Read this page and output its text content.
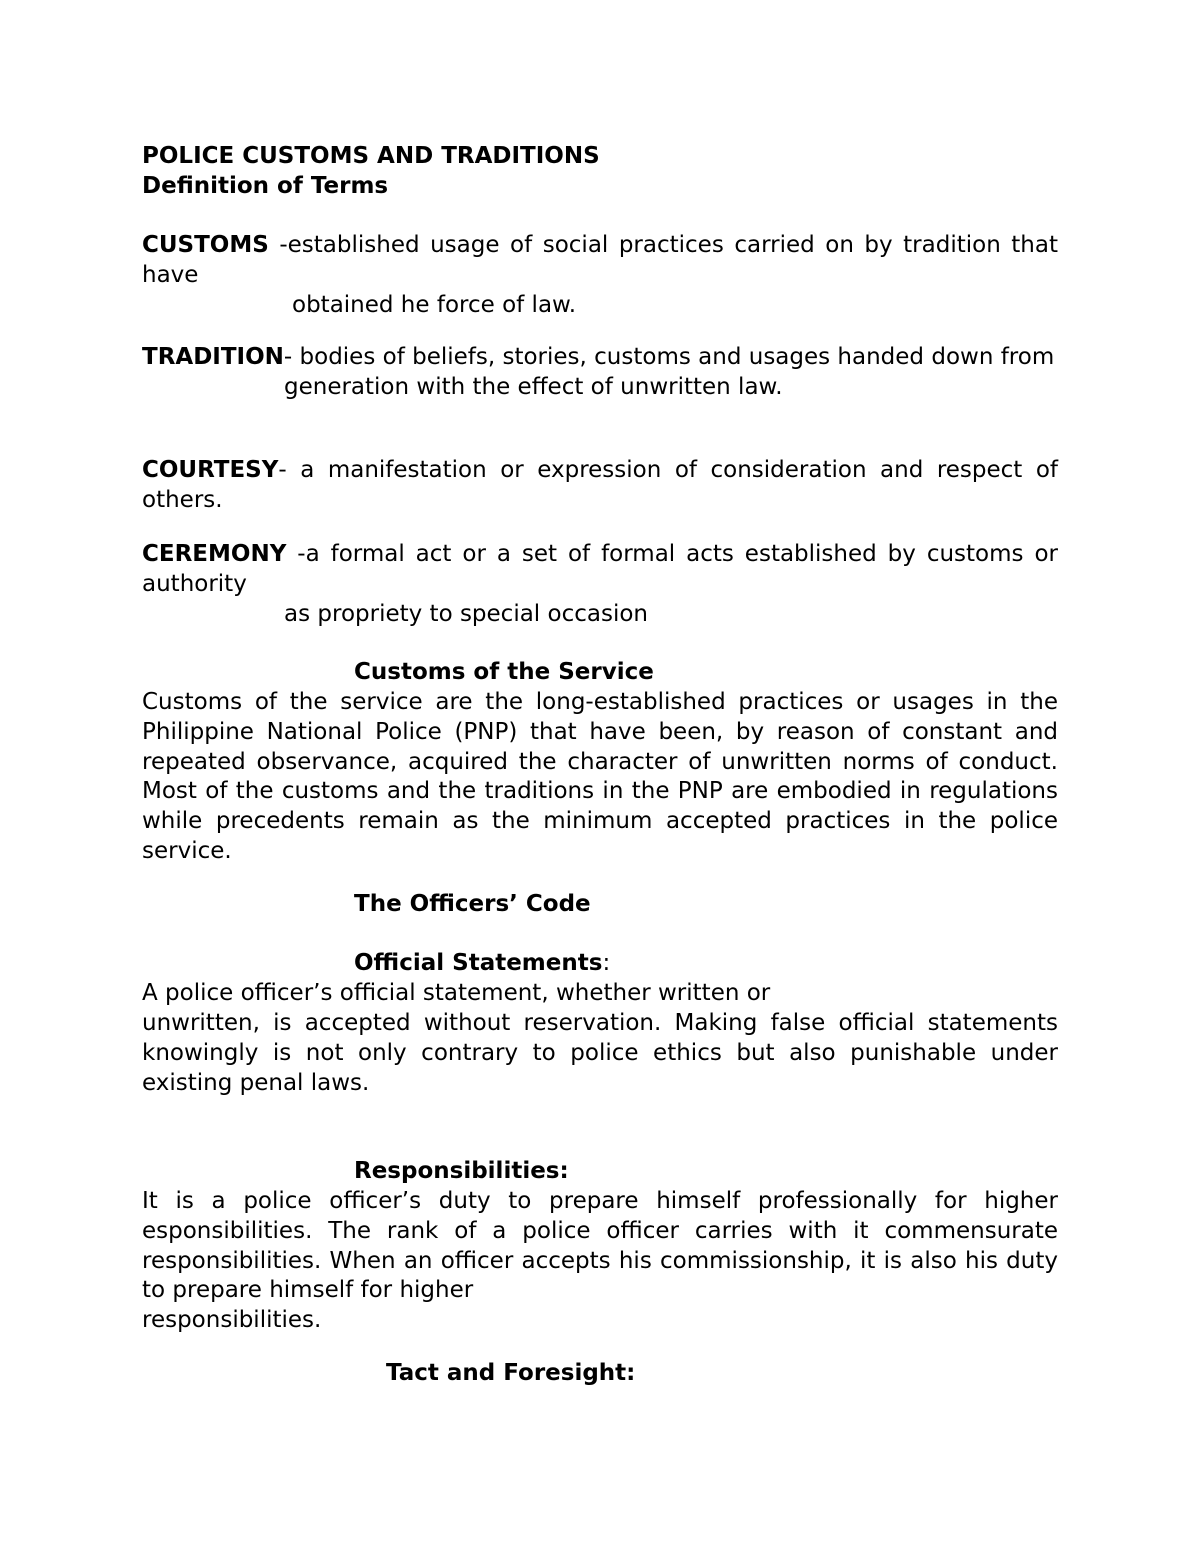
POLICE CUSTOMS AND TRADITIONS
Definition of Terms
CUSTOMS -established usage of social practices carried on by tradition that have
obtained he force of law.
TRADITION- bodies of beliefs, stories, customs and usages handed down from
generation with the effect of unwritten law.
COURTESY- a manifestation or expression of consideration and respect of others.
CEREMONY -a formal act or a set of formal acts established by customs or authority
as propriety to special occasion
Customs of the Service
Customs of the service are the long-established practices or usages in the Philippine National Police (PNP) that have been, by reason of constant and repeated observance, acquired the character of unwritten norms of conduct. Most of the customs and the traditions in the PNP are embodied in regulations while precedents remain as the minimum accepted practices in the police service.
The Officers’ Code
Official Statements:
A police officer’s official statement, whether written or
unwritten, is accepted without reservation. Making false official statements knowingly is not only contrary to police ethics but also punishable under existing penal laws.
Responsibilities:
It is a police officer’s duty to prepare himself professionally for higher esponsibilities. The rank of a police officer carries with it commensurate responsibilities. When an officer accepts his commissionship, it is also his duty to prepare himself for higher
responsibilities.
Tact and Foresight:
